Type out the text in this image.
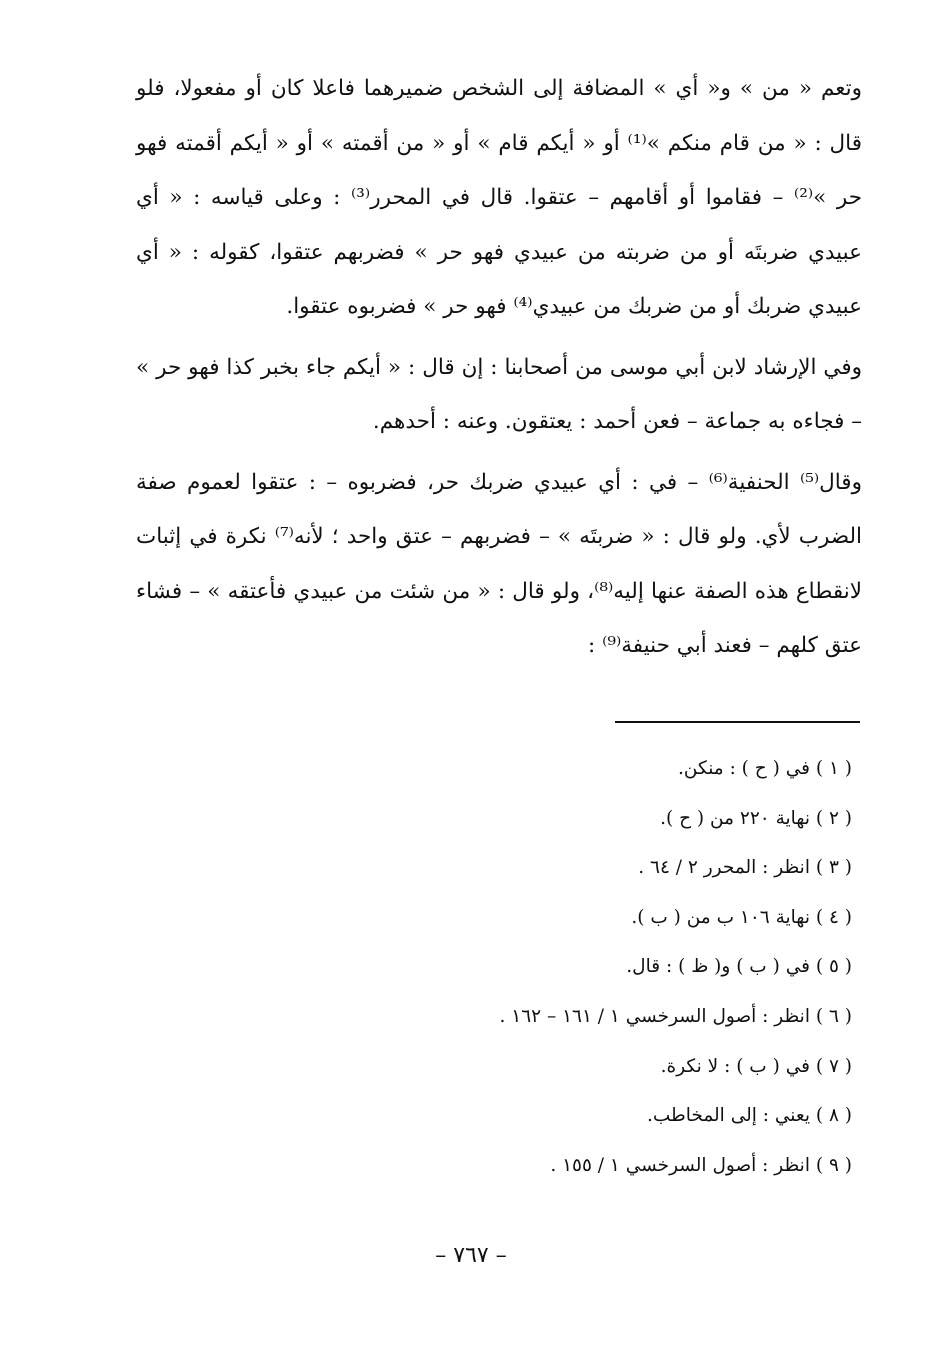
وتعم « من » و« أي » المضافة إلى الشخص ضميرهما فاعلا كان أو مفعولا، فلو قال : « من قام منكم »⁽¹⁾ أو « أيكم قام » أو « من أقمته » أو « أيكم أقمته فهو حر »⁽²⁾ – فقاموا أو أقامهم – عتقوا. قال في المحرر⁽³⁾ : وعلى قياسه : « أي عبيدي ضربتَه أو من ضربته من عبيدي فهو حر » فضربهم عتقوا، كقوله : « أي عبيدي ضربك أو من ضربك من عبيدي⁽⁴⁾ فهو حر » فضربوه عتقوا.

وفي الإرشاد لابن أبي موسى من أصحابنا : إن قال : « أيكم جاء بخبر كذا فهو حر » – فجاءه به جماعة – فعن أحمد : يعتقون. وعنه : أحدهم.

وقال⁽⁵⁾ الحنفية⁽⁶⁾ – في : أي عبيدي ضربك حر، فضربوه – : عتقوا لعموم صفة الضرب لأي. ولو قال : « ضربتَه » – فضربهم – عتق واحد ؛ لأنه⁽⁷⁾ نكرة في إثبات لانقطاع هذه الصفة عنها إليه⁽⁸⁾، ولو قال : « من شئت من عبيدي فأعتقه » – فشاء عتق كلهم – فعند أبي حنيفة⁽⁹⁾ :

( ١ ) في ( ح ) : منكن.

( ٢ ) نهاية ٢٢٠ من ( ح ).

( ٣ ) انظر : المحرر ٢ / ٦٤ .

( ٤ ) نهاية ١٠٦ ب من ( ب ).

( ٥ ) في ( ب ) و( ظ ) : قال.

( ٦ ) انظر : أصول السرخسي ١ / ١٦١ – ١٦٢ .

( ٧ ) في ( ب ) : لا نكرة.

( ٨ ) يعني : إلى المخاطب.

( ٩ ) انظر : أصول السرخسي ١ / ١٥٥ .

– ٧٦٧ –
